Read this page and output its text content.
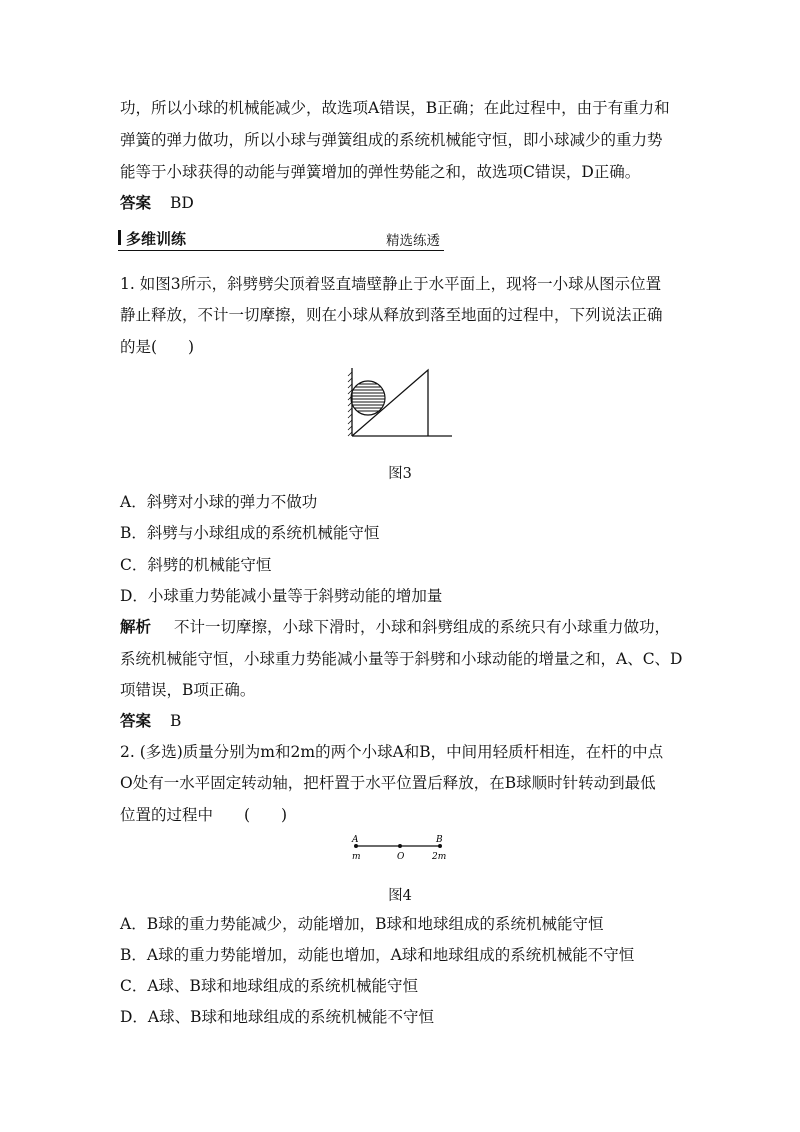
功，所以小球的机械能减少，故选项A错误，B正确；在此过程中，由于有重力和
弹簧的弹力做功，所以小球与弹簧组成的系统机械能守恒，即小球减少的重力势
能等于小球获得的动能与弹簧增加的弹性势能之和，故选项C错误，D正确。
答案 BD
多维训练	精选练透
1. 如图3所示，斜劈劈尖顶着竖直墙壁静止于水平面上，现将一小球从图示位置
静止释放，不计一切摩擦，则在小球从释放到落至地面的过程中，下列说法正确
的是(　　)
图3
A．斜劈对小球的弹力不做功
B．斜劈与小球组成的系统机械能守恒
C．斜劈的机械能守恒
D．小球重力势能减小量等于斜劈动能的增加量
解析 不计一切摩擦，小球下滑时，小球和斜劈组成的系统只有小球重力做功，
系统机械能守恒，小球重力势能减小量等于斜劈和小球动能的增量之和，A、C、D
项错误，B项正确。
答案 B
2. (多选)质量分别为m和2m的两个小球A和B，中间用轻质杆相连，在杆的中点
O处有一水平固定转动轴，把杆置于水平位置后释放，在B球顺时针转动到最低
位置的过程中　　(　　)
A	B
m	O	2m
图4
A．B球的重力势能减少，动能增加，B球和地球组成的系统机械能守恒
B．A球的重力势能增加，动能也增加，A球和地球组成的系统机械能不守恒
C．A球、B球和地球组成的系统机械能守恒
D．A球、B球和地球组成的系统机械能不守恒
